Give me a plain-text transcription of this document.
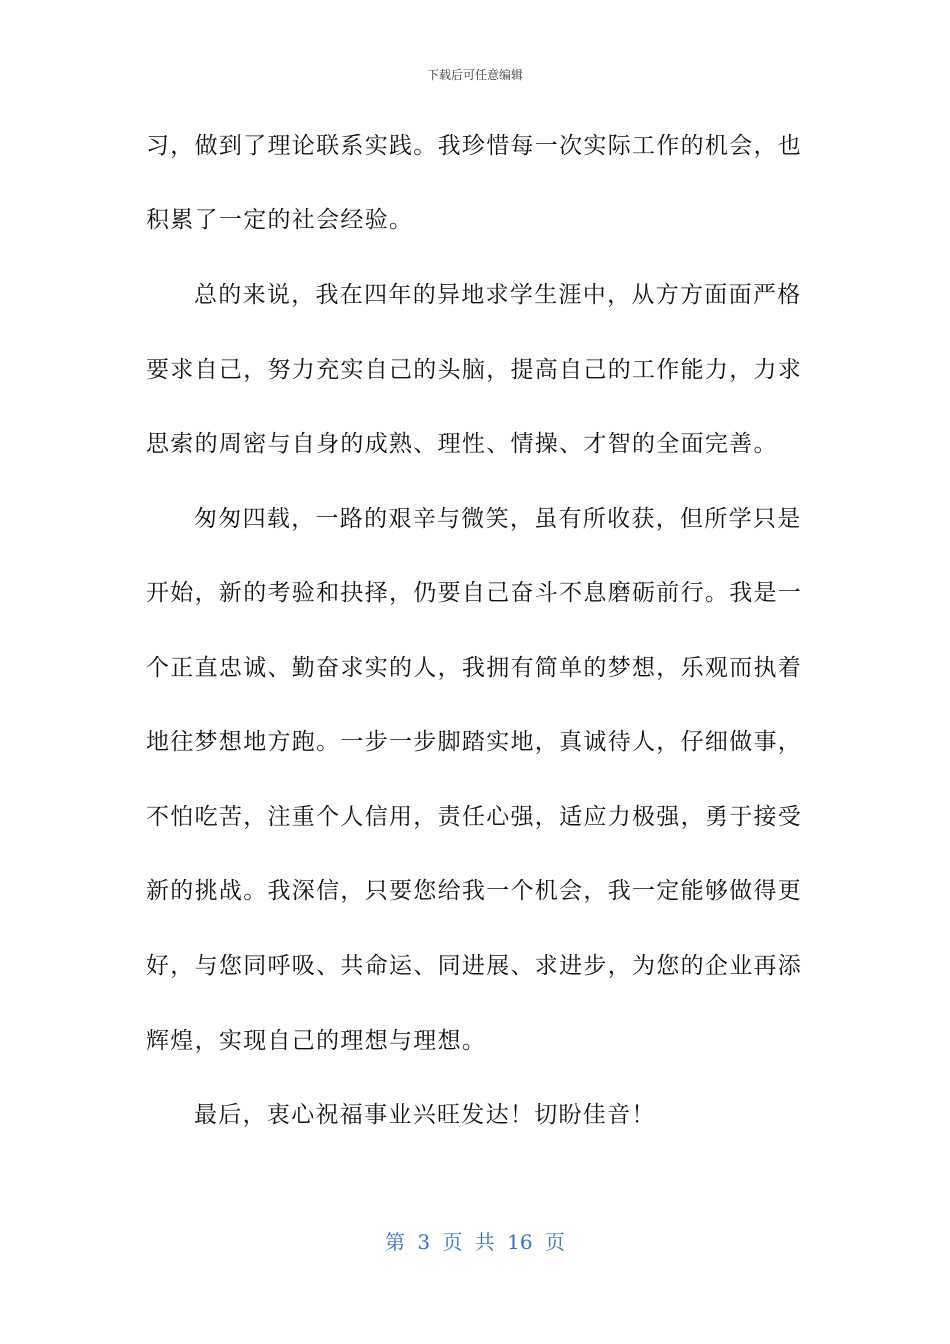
下载后可任意编辑
习，做到了理论联系实践。我珍惜每一次实际工作的机会，也
积累了一定的社会经验。
总的来说，我在四年的异地求学生涯中，从方方面面严格
要求自己，努力充实自己的头脑，提高自己的工作能力，力求
思索的周密与自身的成熟、理性、情操、才智的全面完善。
匆匆四载，一路的艰辛与微笑，虽有所收获，但所学只是
开始，新的考验和抉择，仍要自己奋斗不息磨砺前行。我是一
个正直忠诚、勤奋求实的人，我拥有简单的梦想，乐观而执着
地往梦想地方跑。一步一步脚踏实地，真诚待人，仔细做事，
不怕吃苦，注重个人信用，责任心强，适应力极强，勇于接受
新的挑战。我深信，只要您给我一个机会，我一定能够做得更
好，与您同呼吸、共命运、同进展、求进步，为您的企业再添
辉煌，实现自己的理想与理想。
最后，衷心祝福事业兴旺发达！切盼佳音！
第 3 页 共 16 页
